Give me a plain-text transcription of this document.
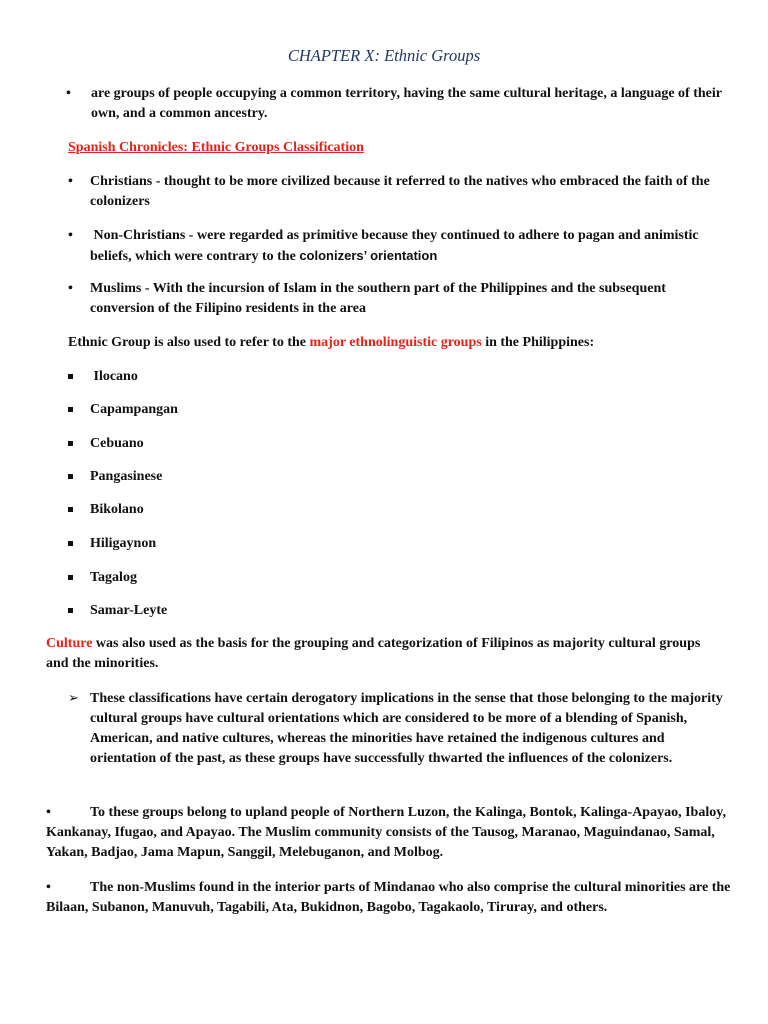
CHAPTER X: Ethnic Groups
•	are groups of people occupying a common territory, having the same cultural heritage, a language of their own, and a common ancestry.
Spanish Chronicles: Ethnic Groups Classification
•	Christians - thought to be more civilized because it referred to the natives who embraced the faith of the colonizers
•	Non-Christians - were regarded as primitive because they continued to adhere to pagan and animistic beliefs, which were contrary to the colonizers’ orientation
•	Muslims - With the incursion of Islam in the southern part of the Philippines and the subsequent conversion of the Filipino residents in the area
Ethnic Group is also used to refer to the major ethnolinguistic groups in the Philippines:
Ilocano
Capampangan
Cebuano
Pangasinese
Bikolano
Hiligaynon
Tagalog
Samar-Leyte
Culture was also used as the basis for the grouping and categorization of Filipinos as majority cultural groups and the minorities.
➢ These classifications have certain derogatory implications in the sense that those belonging to the majority cultural groups have cultural orientations which are considered to be more of a blending of Spanish, American, and native cultures, whereas the minorities have retained the indigenous cultures and orientation of the past, as these groups have successfully thwarted the influences of the colonizers.
•	To these groups belong to upland people of Northern Luzon, the Kalinga, Bontok, Kalinga-Apayao, Ibaloy, Kankanay, Ifugao, and Apayao. The Muslim community consists of the Tausog, Maranao, Maguindanao, Samal, Yakan, Badjao, Jama Mapun, Sanggil, Melebuganon, and Molbog.
•	The non-Muslims found in the interior parts of Mindanao who also comprise the cultural minorities are the Bilaan, Subanon, Manuvuh, Tagabili, Ata, Bukidnon, Bagobo, Tagakaolo, Tiruray, and others.
